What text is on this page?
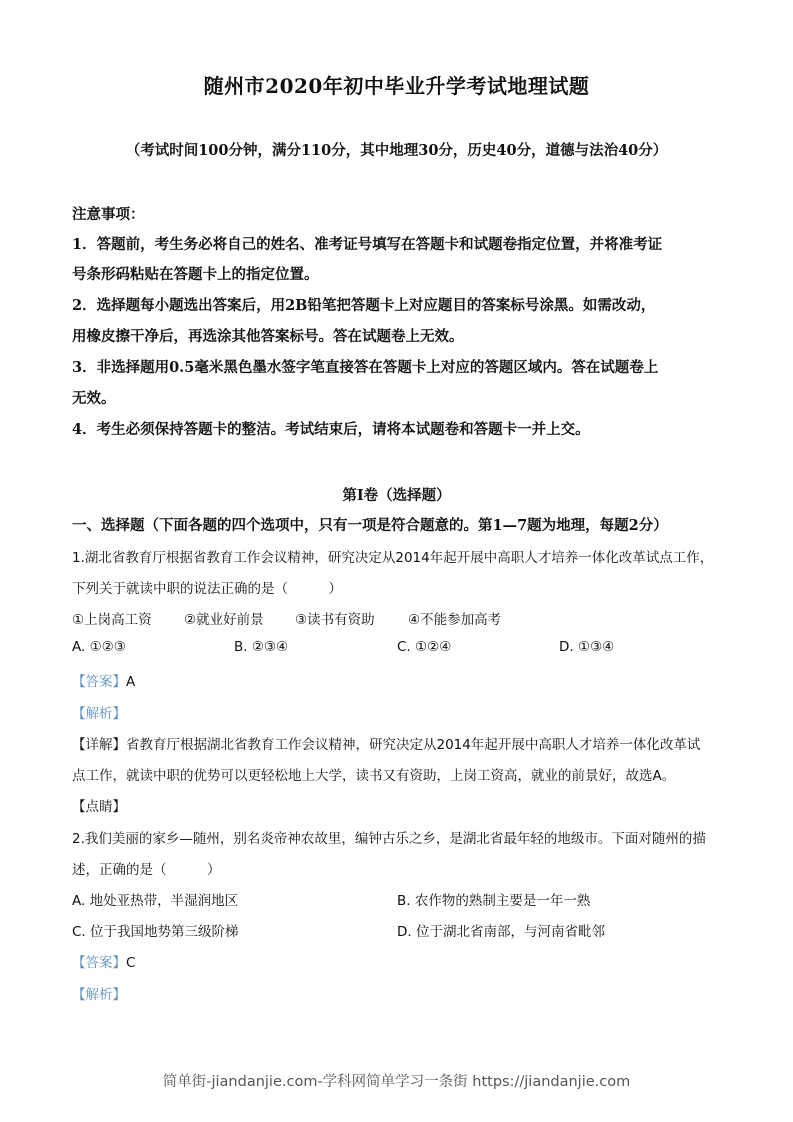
随州市2020年初中毕业升学考试地理试题
（考试时间100分钟，满分110分，其中地理30分，历史40分，道德与法治40分）
注意事项：
1．答题前，考生务必将自己的姓名、准考证号填写在答题卡和试题卷指定位置，并将准考证
号条形码粘贴在答题卡上的指定位置。
2．选择题每小题选出答案后，用2B铅笔把答题卡上对应题目的答案标号涂黑。如需改动，
用橡皮擦干净后，再选涂其他答案标号。答在试题卷上无效。
3．非选择题用0.5毫米黑色墨水签字笔直接答在答题卡上对应的答题区域内。答在试题卷上
无效。
4．考生必须保持答题卡的整洁。考试结束后，请将本试题卷和答题卡一并上交。
第Ⅰ卷（选择题）
一、选择题（下面各题的四个选项中，只有一项是符合题意的。第1—7题为地理，每题2分）
1.湖北省教育厅根据省教育工作会议精神，研究决定从2014年起开展中高职人才培养一体化改革试点工作，
下列关于就读中职的说法正确的是（　　　）
①上岗高工资 ②就业好前景 ③读书有资助 ④不能参加高考
A. ①②③	B. ②③④	C. ①②④	D. ①③④
【答案】A
【解析】
【详解】省教育厅根据湖北省教育工作会议精神，研究决定从2014年起开展中高职人才培养一体化改革试
点工作，就读中职的优势可以更轻松地上大学，读书又有资助，上岗工资高，就业的前景好，故选A。
【点睛】
2.我们美丽的家乡—随州，别名炎帝神农故里，编钟古乐之乡，是湖北省最年轻的地级市。下面对随州的描
述，正确的是（　　　）
A. 地处亚热带，半湿润地区	B. 农作物的熟制主要是一年一熟
C. 位于我国地势第三级阶梯	D. 位于湖北省南部，与河南省毗邻
【答案】C
【解析】
简单街-jiandanjie.com-学科网简单学习一条街 https://jiandanjie.com
